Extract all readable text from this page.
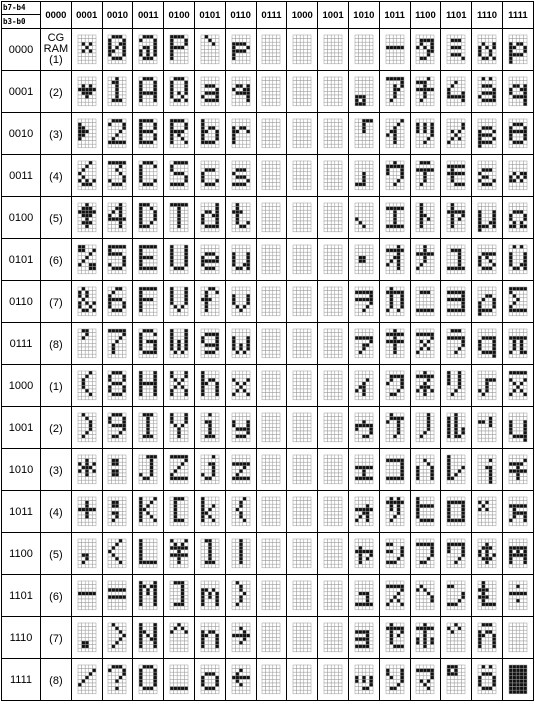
b7-b4
b3-b0	0000	0001	0010	0011	0100	0101	0110	0111	1000	1001	1010	1011	1100	1101	1110	1111
0000	CG
RAM
(1)

0001	(2)	

0010	(3)	

0011	(4)	

0100	(5)	

0101	(6)	

0110	(7)	

0111	(8)	

1000	(1)	

1001	(2)	

1010	(3)	

1011	(4)	

1100	(5)	

1101	(6)	

1110	(7)	

1111	(8)	
